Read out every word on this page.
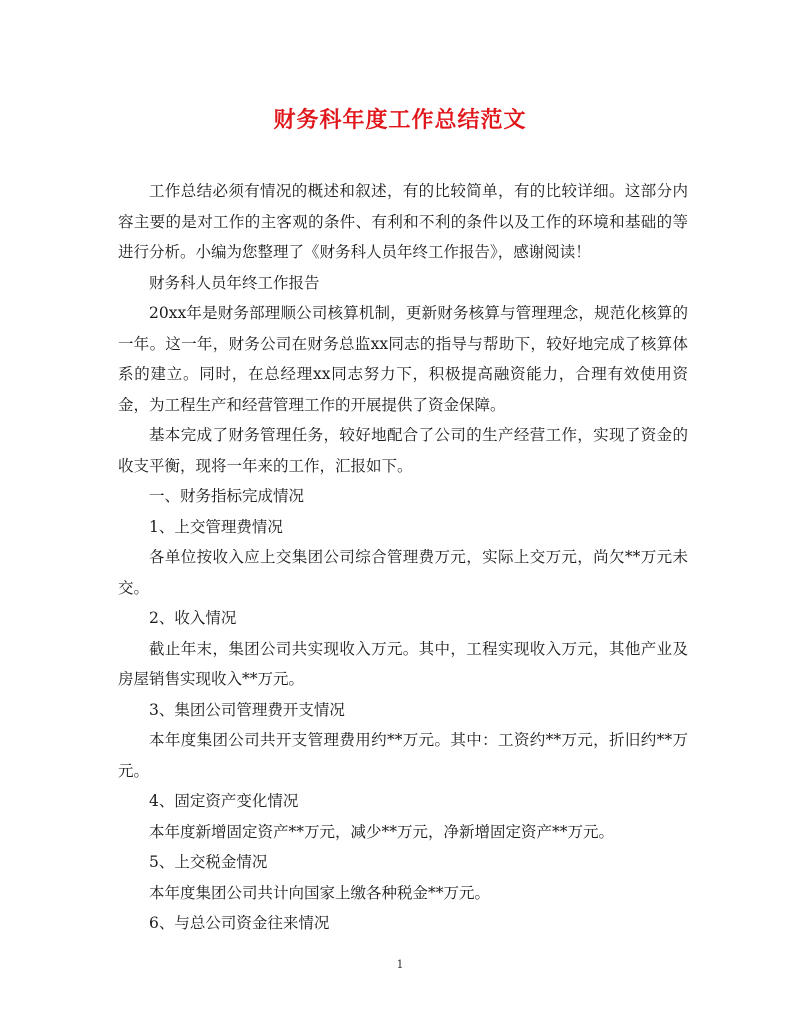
财务科年度工作总结范文

工作总结必须有情况的概述和叙述，有的比较简单，有的比较详细。这部分内容主要的是对工作的主客观的条件、有利和不利的条件以及工作的环境和基础的等进行分析。小编为您整理了《财务科人员年终工作报告》，感谢阅读！

财务科人员年终工作报告

20xx年是财务部理顺公司核算机制，更新财务核算与管理理念，规范化核算的一年。这一年，财务公司在财务总监xx同志的指导与帮助下，较好地完成了核算体系的建立。同时，在总经理xx同志努力下，积极提高融资能力，合理有效使用资金，为工程生产和经营管理工作的开展提供了资金保障。

基本完成了财务管理任务，较好地配合了公司的生产经营工作，实现了资金的收支平衡，现将一年来的工作，汇报如下。

一、财务指标完成情况

1、上交管理费情况

各单位按收入应上交集团公司综合管理费万元，实际上交万元，尚欠**万元未交。

2、收入情况

截止年末，集团公司共实现收入万元。其中，工程实现收入万元，其他产业及房屋销售实现收入**万元。

3、集团公司管理费开支情况

本年度集团公司共开支管理费用约**万元。其中：工资约**万元，折旧约**万元。

4、固定资产变化情况

本年度新增固定资产**万元，减少**万元，净新增固定资产**万元。

5、上交税金情况

本年度集团公司共计向国家上缴各种税金**万元。

6、与总公司资金往来情况

1
